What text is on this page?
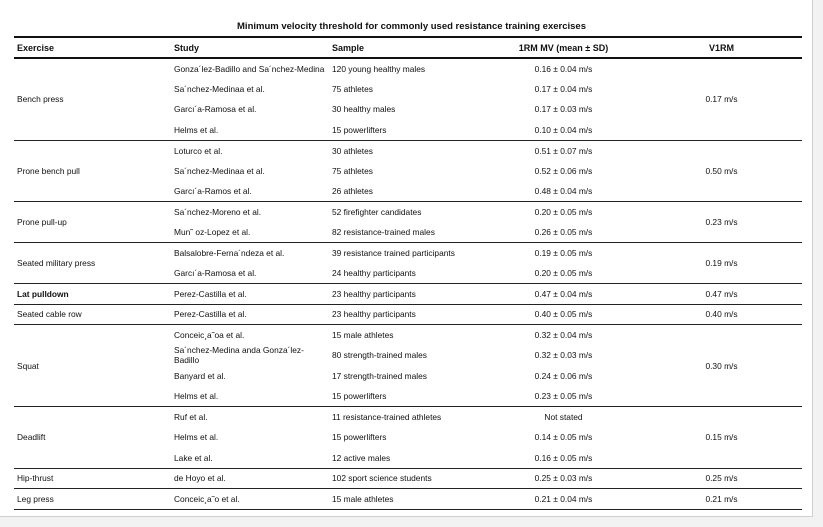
Minimum velocity threshold for commonly used resistance training exercises
Exercise	Study	Sample	1RM MV (mean ± SD)	V1RM
Bench press	Gonza´lez-Badillo and Sa´nchez-Medina	120 young healthy males	0.16 ± 0.04 m/s	0.17 m/s
	Sa´nchez-Medinaa et al.	75 athletes	0.17 ± 0.04 m/s	
	Garcı´a-Ramosa et al.	30 healthy males	0.17 ± 0.03 m/s	
	Helms et al.	15 powerlifters	0.10 ± 0.04 m/s	
Prone bench pull	Loturco et al.	30 athletes	0.51 ± 0.07 m/s	0.50 m/s
	Sa´nchez-Medinaa et al.	75 athletes	0.52 ± 0.06 m/s	
	Garcı´a-Ramos et al.	26 athletes	0.48 ± 0.04 m/s	
Prone pull-up	Sa´nchez-Moreno et al.	52 firefighter candidates	0.20 ± 0.05 m/s	0.23 m/s
	Mun˜ oz-Lopez et al.	82 resistance-trained males	0.26 ± 0.05 m/s	
Seated military press	Balsalobre-Ferna´ndeza et al.	39 resistance trained participants	0.19 ± 0.05 m/s	0.19 m/s
	Garcı´a-Ramosa et al.	24 healthy participants	0.20 ± 0.05 m/s	
Lat pulldown	Perez-Castilla et al.	23 healthy participants	0.47 ± 0.04 m/s	0.47 m/s
Seated cable row	Perez-Castilla et al.	23 healthy participants	0.40 ± 0.05 m/s	0.40 m/s
Squat	Conceic¸a˜oa et al.	15 male athletes	0.32 ± 0.04 m/s	0.30 m/s
	Sa´nchez-Medina anda Gonza´lez-Badillo	80 strength-trained males	0.32 ± 0.03 m/s	
	Banyard et al.	17 strength-trained males	0.24 ± 0.06 m/s	
	Helms et al.	15 powerlifters	0.23 ± 0.05 m/s	
Deadlift	Ruf et al.	11 resistance-trained athletes	Not stated	0.15 m/s
	Helms et al.	15 powerlifters	0.14 ± 0.05 m/s	
	Lake et al.	12 active males	0.16 ± 0.05 m/s	
Hip-thrust	de Hoyo et al.	102 sport science students	0.25 ± 0.03 m/s	0.25 m/s
Leg press	Conceic¸a˜o et al.	15 male athletes	0.21 ± 0.04 m/s	0.21 m/s
